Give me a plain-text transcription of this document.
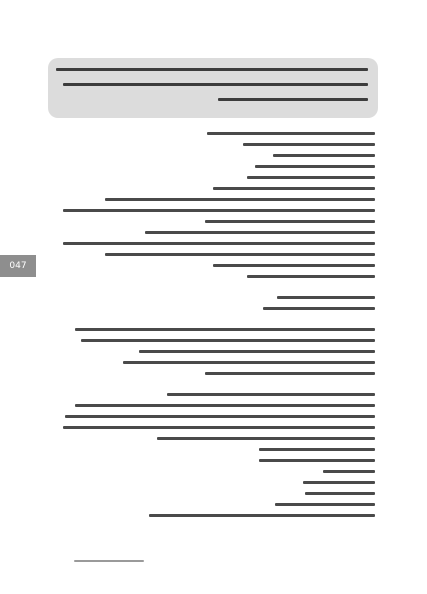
047
